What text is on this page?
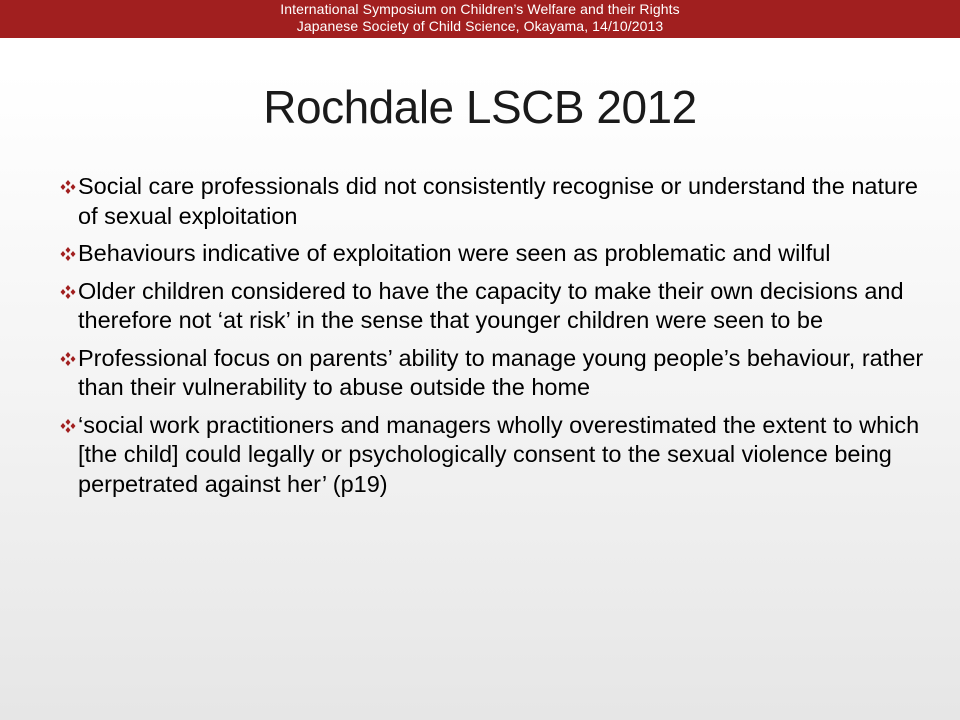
International Symposium on Children’s Welfare and their Rights
Japanese Society of Child Science, Okayama, 14/10/2013
Rochdale LSCB 2012
Social care professionals did not consistently recognise or understand the nature of sexual exploitation
Behaviours indicative of exploitation were seen as problematic and wilful
Older children considered to have the capacity to make their own decisions and therefore not ‘at risk’ in the sense that younger children were seen to be
Professional focus on parents’ ability to manage young people’s behaviour, rather than their vulnerability to abuse outside the home
‘social work practitioners and managers wholly overestimated the extent to which [the child] could legally or psychologically consent to the sexual violence being perpetrated against her’ (p19)
